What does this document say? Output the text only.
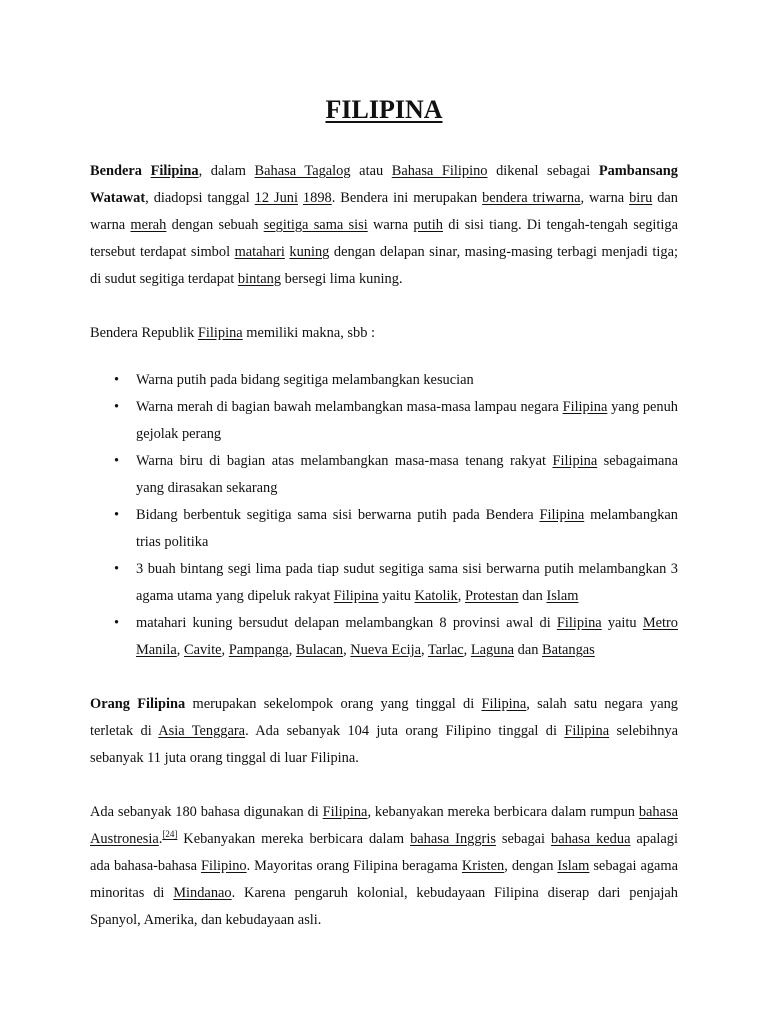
FILIPINA

Bendera Filipina, dalam Bahasa Tagalog atau Bahasa Filipino dikenal sebagai Pambansang Watawat, diadopsi tanggal 12 Juni 1898. Bendera ini merupakan bendera triwarna, warna biru dan warna merah dengan sebuah segitiga sama sisi warna putih di sisi tiang. Di tengah-tengah segitiga tersebut terdapat simbol matahari kuning dengan delapan sinar, masing-masing terbagi menjadi tiga; di sudut segitiga terdapat bintang bersegi lima kuning.

Bendera Republik Filipina memiliki makna, sbb :

• Warna putih pada bidang segitiga melambangkan kesucian
• Warna merah di bagian bawah melambangkan masa-masa lampau negara Filipina yang penuh gejolak perang
• Warna biru di bagian atas melambangkan masa-masa tenang rakyat Filipina sebagaimana yang dirasakan sekarang
• Bidang berbentuk segitiga sama sisi berwarna putih pada Bendera Filipina melambangkan trias politika
• 3 buah bintang segi lima pada tiap sudut segitiga sama sisi berwarna putih melambangkan 3 agama utama yang dipeluk rakyat Filipina yaitu Katolik, Protestan dan Islam
• matahari kuning bersudut delapan melambangkan 8 provinsi awal di Filipina yaitu Metro Manila, Cavite, Pampanga, Bulacan, Nueva Ecija, Tarlac, Laguna dan Batangas

Orang Filipina merupakan sekelompok orang yang tinggal di Filipina, salah satu negara yang terletak di Asia Tenggara. Ada sebanyak 104 juta orang Filipino tinggal di Filipina selebihnya sebanyak 11 juta orang tinggal di luar Filipina.

Ada sebanyak 180 bahasa digunakan di Filipina, kebanyakan mereka berbicara dalam rumpun bahasa Austronesia.[24] Kebanyakan mereka berbicara dalam bahasa Inggris sebagai bahasa kedua apalagi ada bahasa-bahasa Filipino. Mayoritas orang Filipina beragama Kristen, dengan Islam sebagai agama minoritas di Mindanao. Karena pengaruh kolonial, kebudayaan Filipina diserap dari penjajah Spanyol, Amerika, dan kebudayaan asli.
